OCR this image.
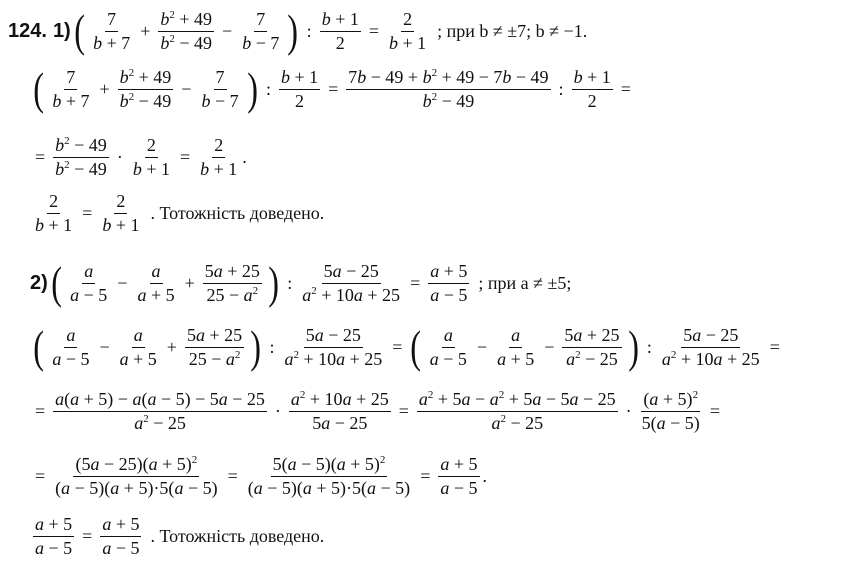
124. 1) ( $\frac{7}{b + 7} + \frac{b^2 + 49}{b^2 - 49} - \frac{7}{b - 7}$ ) : $\frac{b + 1}{2} = \frac{2}{b + 1}$ ; при b ≠ ±7; b ≠ −1.
( $\frac{7}{b + 7} + \frac{b^2 + 49}{b^2 - 49} - \frac{7}{b - 7}$ ) : $\frac{b + 1}{2} = \frac{7b - 49 + b^2 + 49 - 7b - 49}{b^2 - 49}$ : $\frac{b + 1}{2}$ =
= $\frac{b^2 - 49}{b^2 - 49} \cdot \frac{2}{b + 1} = \frac{2}{b + 1}$ .
$\frac{2}{b + 1} = \frac{2}{b + 1}$ . Тотожність доведено.
2) ( $\frac{a}{a - 5} - \frac{a}{a + 5} + \frac{5a + 25}{25 - a^2}$ ) : $\frac{5a - 25}{a^2 + 10a + 25} = \frac{a + 5}{a - 5}$ ; при a ≠ ±5;
( $\frac{a}{a - 5} - \frac{a}{a + 5} + \frac{5a + 25}{25 - a^2}$ ) : $\frac{5a - 25}{a^2 + 10a + 25}$ = ( $\frac{a}{a - 5} - \frac{a}{a + 5} - \frac{5a + 25}{a^2 - 25}$ ) : $\frac{5a - 25}{a^2 + 10a + 25}$ =
= $\frac{a(a + 5) - a(a - 5) - 5a - 25}{a^2 - 25} \cdot \frac{a^2 + 10a + 25}{5a - 25} = \frac{a^2 + 5a - a^2 + 5a - 5a - 25}{a^2 - 25} \cdot \frac{(a + 5)^2}{5(a - 5)}$ =
= $\frac{(5a - 25)(a + 5)^2}{(a - 5)(a + 5)\cdot 5(a - 5)} = \frac{5(a - 5)(a + 5)^2}{(a - 5)(a + 5)\cdot 5(a - 5)} = \frac{a + 5}{a - 5}$ .
$\frac{a + 5}{a - 5} = \frac{a + 5}{a - 5}$ . Тотожність доведено.
